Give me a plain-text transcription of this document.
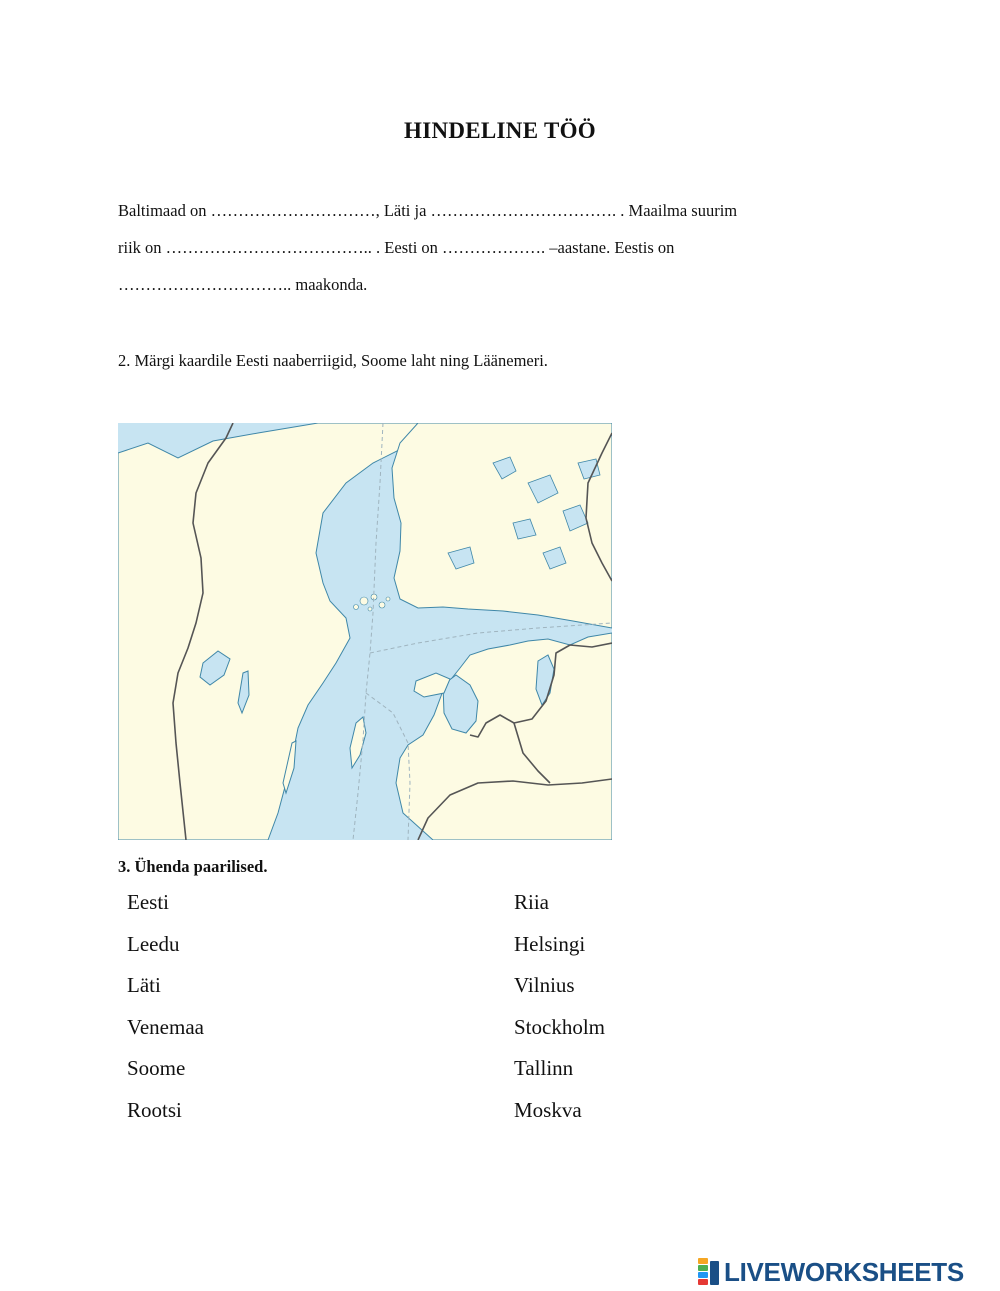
HINDELINE TÖÖ

Baltimaad on …………………………, Läti ja ……………………………. . Maailma suurim

riik on ……………………………….. . Eesti on ………………. –aastane. Eestis on

………………………….. maakonda.

2. Märgi kaardile Eesti naaberriigid, Soome laht ning Läänemeri.

3. Ühenda paarilised.

Eesti
Leedu
Läti
Venemaa
Soome
Rootsi
Riia
Helsingi
Vilnius
Stockholm
Tallinn
Moskva
LIVEWORKSHEETS
